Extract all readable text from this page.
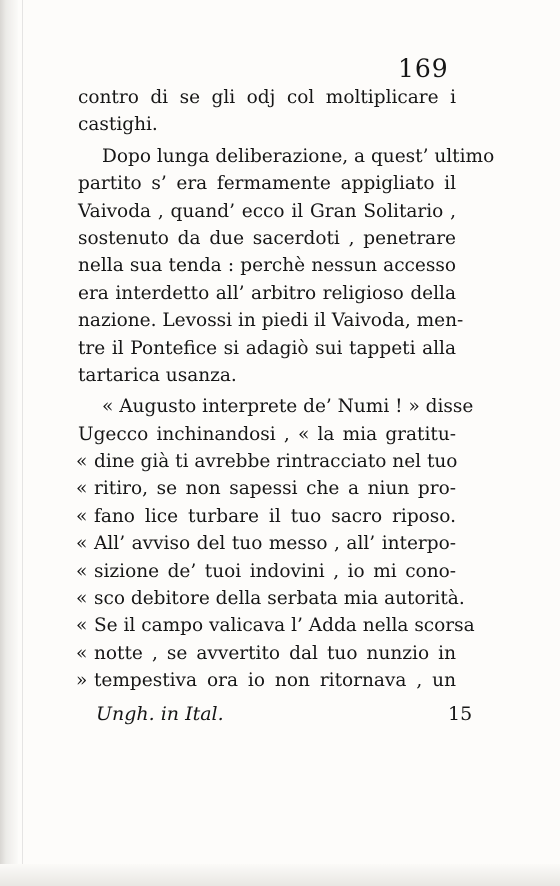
169
contro di se gli odj col moltiplicare i
castighi.
Dopo lunga deliberazione, a quest’ ultimo
partito s’ era fermamente appigliato il
Vaivoda , quand’ ecco il Gran Solitario ,
sostenuto da due sacerdoti , penetrare
nella sua tenda : perchè nessun accesso
era interdetto all’ arbitro religioso della
nazione. Levossi in piedi il Vaivoda, men-
tre il Pontefice si adagiò sui tappeti alla
tartarica usanza.
« Augusto interprete de’ Numi ! » disse
Ugecco inchinandosi , « la mia gratitu-
« dine già ti avrebbe rintracciato nel tuo
« ritiro, se non sapessi che a niun pro-
« fano lice turbare il tuo sacro riposo.
« All’ avviso del tuo messo , all’ interpo-
« sizione de’ tuoi indovini , io mi cono-
« sco debitore della serbata mia autorità.
« Se il campo valicava l’ Adda nella scorsa
« notte , se avvertito dal tuo nunzio in
» tempestiva ora io non ritornava , un
Ungh. in Ital.	15
